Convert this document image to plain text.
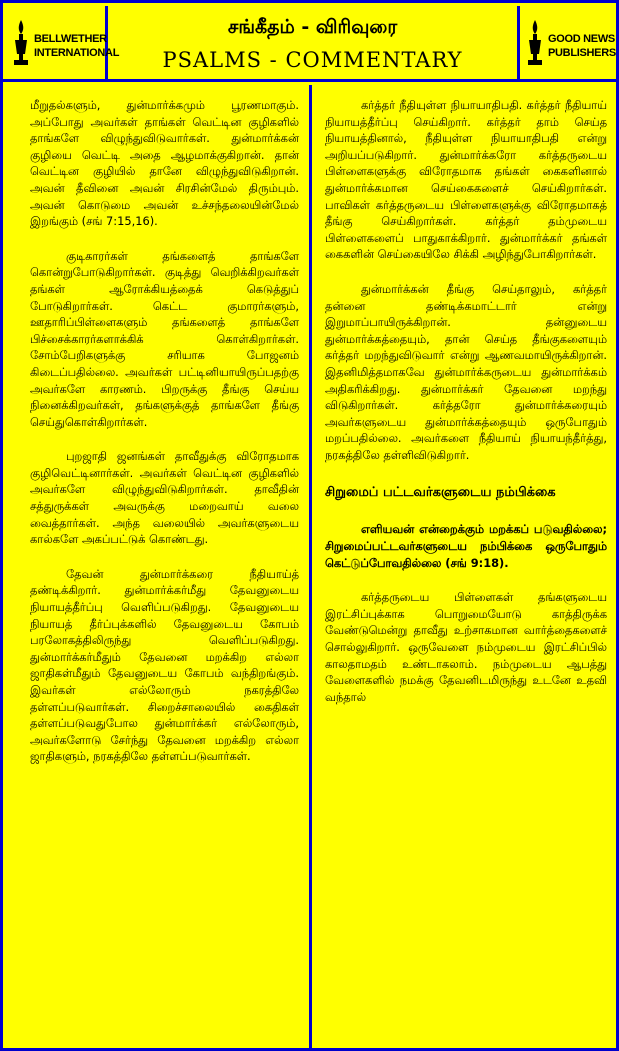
BELLWETHER
INTERNATIONAL
சங்கீதம் - விரிவுரை
PSALMS - COMMENTARY
GOOD NEWS
PUBLISHERS

மீறுதல்களும், துன்மார்க்கமும் பூரணமாகும். அப்போது அவர்கள் தாங்கள் வெட்டின குழிகளில் தாங்களே விழுந்துவிடுவார்கள். துன்மார்க்கன் குழியை வெட்டி அதை ஆழமாக்குகிறான். தான் வெட்டின குழியில் தானே விழுந்துவிடுகிறான். அவன் தீவினை அவன் சிரசின்மேல் திரும்பும். அவன் கொடுமை அவன் உச்சந்தலையின்மேல் இறங்கும் (சங் 7:15,16).

குடிகாரர்கள் தங்களைத் தாங்களே கொன்றுபோடுகிறார்கள். குடித்து வெறிக்கிறவர்கள் தங்கள் ஆரோக்கியத்தைக் கெடுத்துப் போடுகிறார்கள். கெட்ட குமாரர்களும், ஊதாரிப்பிள்ளைகளும் தங்களைத் தாங்களே பிச்சைக்காரர்களாக்கிக் கொள்கிறார்கள். சோம்பேறிகளுக்கு சரியாக போஜனம் கிடைப்பதில்லை. அவர்கள் பட்டினியாயிருப்பதற்கு அவர்களே காரணம். பிறருக்கு தீங்கு செய்ய நினைக்கிறவர்கள், தங்களுக்குத் தாங்களே தீங்கு செய்துகொள்கிறார்கள்.

புறஜாதி ஜனங்கள் தாவீதுக்கு விரோதமாக குழிவெட்டினார்கள். அவர்கள் வெட்டின குழிகளில் அவர்களே விழுந்துவிடுகிறார்கள். தாவீதின் சத்துருக்கள் அவருக்கு மறைவாய் வலை வைத்தார்கள். அந்த வலையில் அவர்களுடைய கால்களே அகப்பட்டுக் கொண்டது.

தேவன் துன்மார்க்கரை நீதியாய்த் தண்டிக்கிறார். துன்மார்க்கர்மீது தேவனுடைய நியாயத்தீர்ப்பு வெளிப்படுகிறது. தேவனுடைய நியாயத் தீர்ப்புக்களில் தேவனுடைய கோபம் பரலோகத்திலிருந்து வெளிப்படுகிறது. துன்மார்க்கர்மீதும் தேவனை மறக்கிற எல்லா ஜாதிகள்மீதும் தேவனுடைய கோபம் வந்திறங்கும். இவர்கள் எல்லோரும் நகரத்திலே தள்ளப்படுவார்கள். சிறைச்சாலையில் கைதிகள் தள்ளப்படுவதுபோல துன்மார்க்கர் எல்லோரும், அவர்களோடு சேர்ந்து தேவனை மறக்கிற எல்லா ஜாதிகளும், நரகத்திலே தள்ளப்படுவார்கள்.

கர்த்தர் நீதியுள்ள நியாயாதிபதி. கர்த்தர் நீதியாய் நியாயத்தீர்ப்பு செய்கிறார். கர்த்தர் தாம் செய்த நியாயத்தினால், நீதியுள்ள நியாயாதிபதி என்று அறியப்படுகிறார். துன்மார்க்கரோ கர்த்தருடைய பிள்ளைகளுக்கு விரோதமாக தங்கள் கைகளினால் துன்மார்க்கமான செய்கைகளைச் செய்கிறார்கள். பாவிகள் கர்த்தருடைய பிள்ளைகளுக்கு விரோதமாகத் தீங்கு செய்கிறார்கள். கர்த்தர் தம்முடைய பிள்ளைகளைப் பாதுகாக்கிறார். துன்மார்க்கர் தங்கள் கைகளின் செய்கையிலே சிக்கி அழிந்துபோகிறார்கள்.

துன்மார்க்கன் தீங்கு செய்தாலும், கர்த்தர் தன்னை தண்டிக்கமாட்டார் என்று இறுமாப்பாயிருக்கிறான். தன்னுடைய துன்மார்க்கத்தையும், தான் செய்த தீங்குகளையும் கர்த்தர் மறந்துவிடுவார் என்று ஆணவமாயிருக்கிறான். இதனிமித்தமாகவே துன்மார்க்கருடைய துன்மார்க்கம் அதிகரிக்கிறது. துன்மார்க்கர் தேவனை மறந்து விடுகிறார்கள். கர்த்தரோ துன்மார்க்கரையும் அவர்களுடைய துன்மார்க்கத்தையும் ஒருபோதும் மறப்பதில்லை. அவர்களை நீதியாய் நியாயந்தீர்த்து, நரகத்திலே தள்ளிவிடுகிறார்.

சிறுமைப் பட்டவர்களுடைய நம்பிக்கை
எளியவன் என்றைக்கும் மறக்கப் படுவதில்லை; சிறுமைப்பட்டவர்களுடைய நம்பிக்கை ஒருபோதும் கெட்டுப்போவதில்லை (சங் 9:18).

கர்த்தருடைய பிள்ளைகள் தங்களுடைய இரட்சிப்புக்காக பொறுமையோடு காத்திருக்க வேண்டுமென்று தாவீது உற்சாகமான வார்த்தைகளைச் சொல்லுகிறார். ஒருவேளை நம்முடைய இரட்சிப்பில் காலதாமதம் உண்டாகலாம். நம்முடைய ஆபத்து வேளைகளில் நமக்கு தேவனிடமிருந்து உடனே உதவி வந்தால்
